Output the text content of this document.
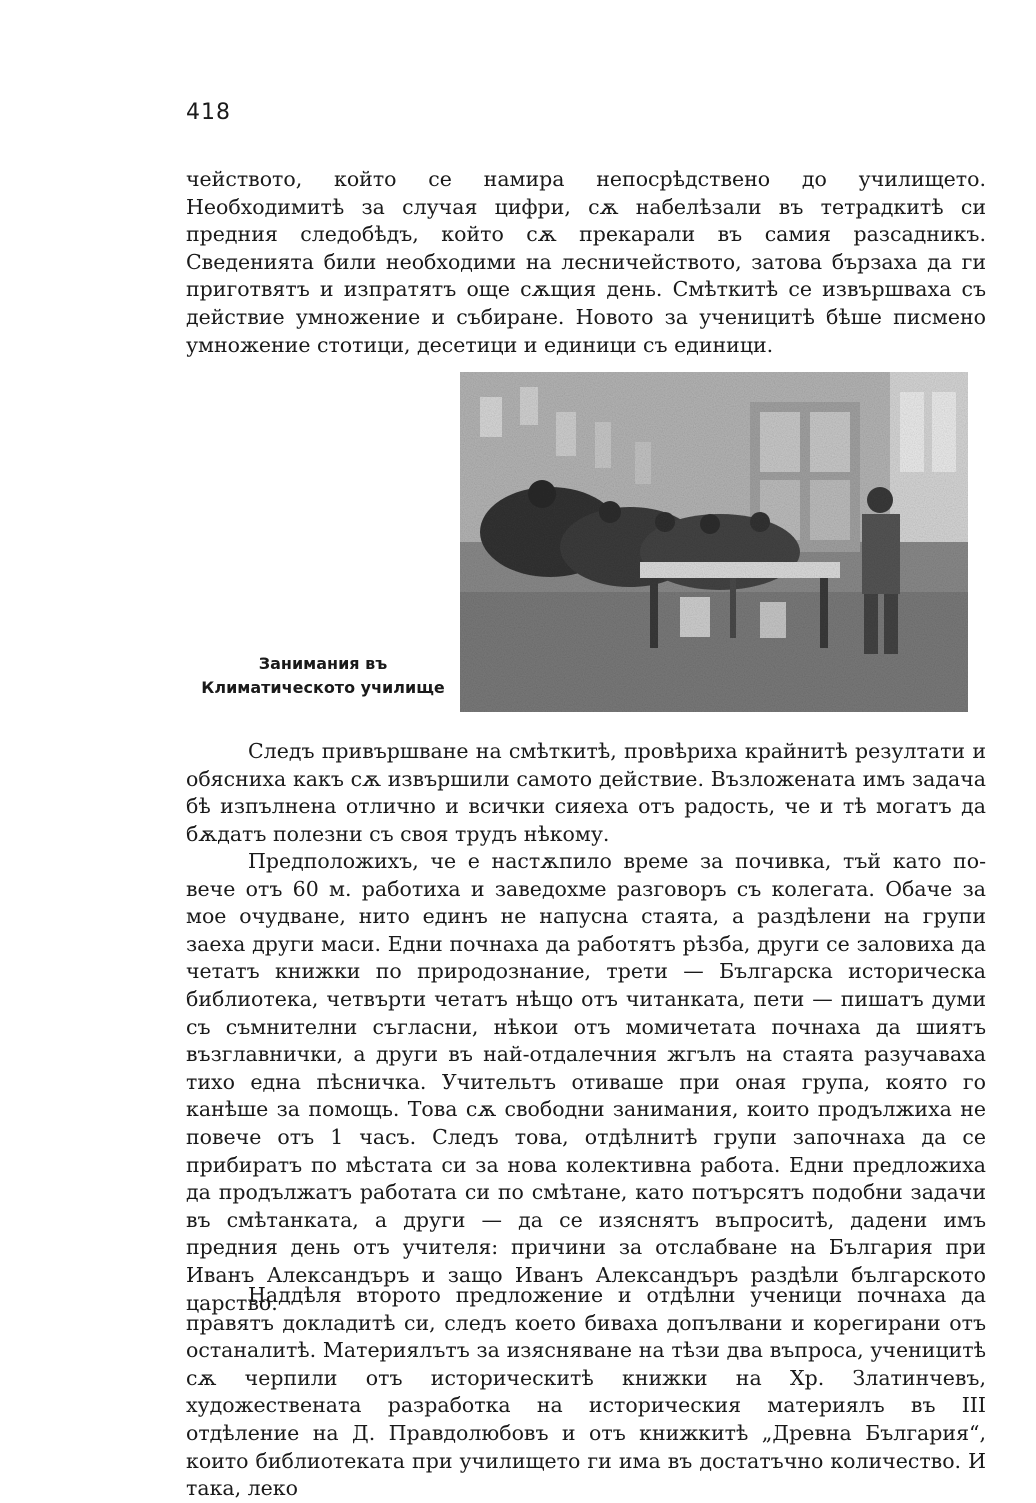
418

чейството, който се намира непосрѣдствено до училището. Необходимитѣ за случая цифри, сѫ набелѣзали въ тетрадкитѣ си предния следобѣдъ, който сѫ прекарали въ самия разсадникъ. Сведенията били необходими на лесничейството, затова бързаха да ги приготвятъ и изпратятъ още сѫщия день. Смѣткитѣ се извършваха съ действие умножение и събиране. Новото за ученицитѣ бѣше писмено умножение стотици, десетици и единици съ единици.

Занимания въ Климатическото училище

Следъ привършване на смѣткитѣ, провѣриха крайнитѣ резултати и обясниха какъ сѫ извършили самото действие. Възложената имъ задача бѣ изпълнена отлично и всички сияеха отъ радость, че и тѣ могатъ да бѫдатъ полезни съ своя трудъ нѣкому.

Предположихъ, че е настѫпило време за почивка, тъй като по-вече отъ 60 м. работиха и заведохме разговоръ съ колегата. Обаче за мое очудване, нито единъ не напусна стаята, а раздѣлени на групи заеха други маси. Едни почнаха да работятъ рѣзба, други се заловиха да четатъ книжки по природознание, трети — Българска историческа библиотека, четвърти четатъ нѣщо отъ читанката, пети — пишатъ думи съ съмнителни съгласни, нѣкои отъ момичетата почнаха да шиятъ възглавнички, а други въ най-отдалечния жгълъ на стаята разучаваха тихо една пѣсничка. Учительтъ отиваше при оная група, която го канѣше за помощь. Това сѫ свободни занимания, които продължиха не повече отъ 1 часъ. Следъ това, отдѣлнитѣ групи започнаха да се прибиратъ по мѣстата си за нова колективна работа. Едни предложиха да продължатъ работата си по смѣтане, като потърсятъ подобни задачи въ смѣтанката, а други — да се изяснятъ въпроситѣ, дадени имъ предния день отъ учителя: причини за отслабване на България при Иванъ Александъръ и защо Иванъ Александъръ раздѣли българското царство.

Наддѣля второто предложение и отдѣлни ученици почнаха да правятъ докладитѣ си, следъ което биваха допълвани и корегирани отъ останалитѣ. Материялътъ за изясняване на тѣзи два въпроса, ученицитѣ сѫ черпили отъ историческитѣ книжки на Хр. Златинчевъ, художествената разработка на историческия материялъ въ III отдѣление на Д. Правдолюбовъ и отъ книжкитѣ „Древна България“, които библиотеката при училището ги има въ достатъчно количество. И така, леко
